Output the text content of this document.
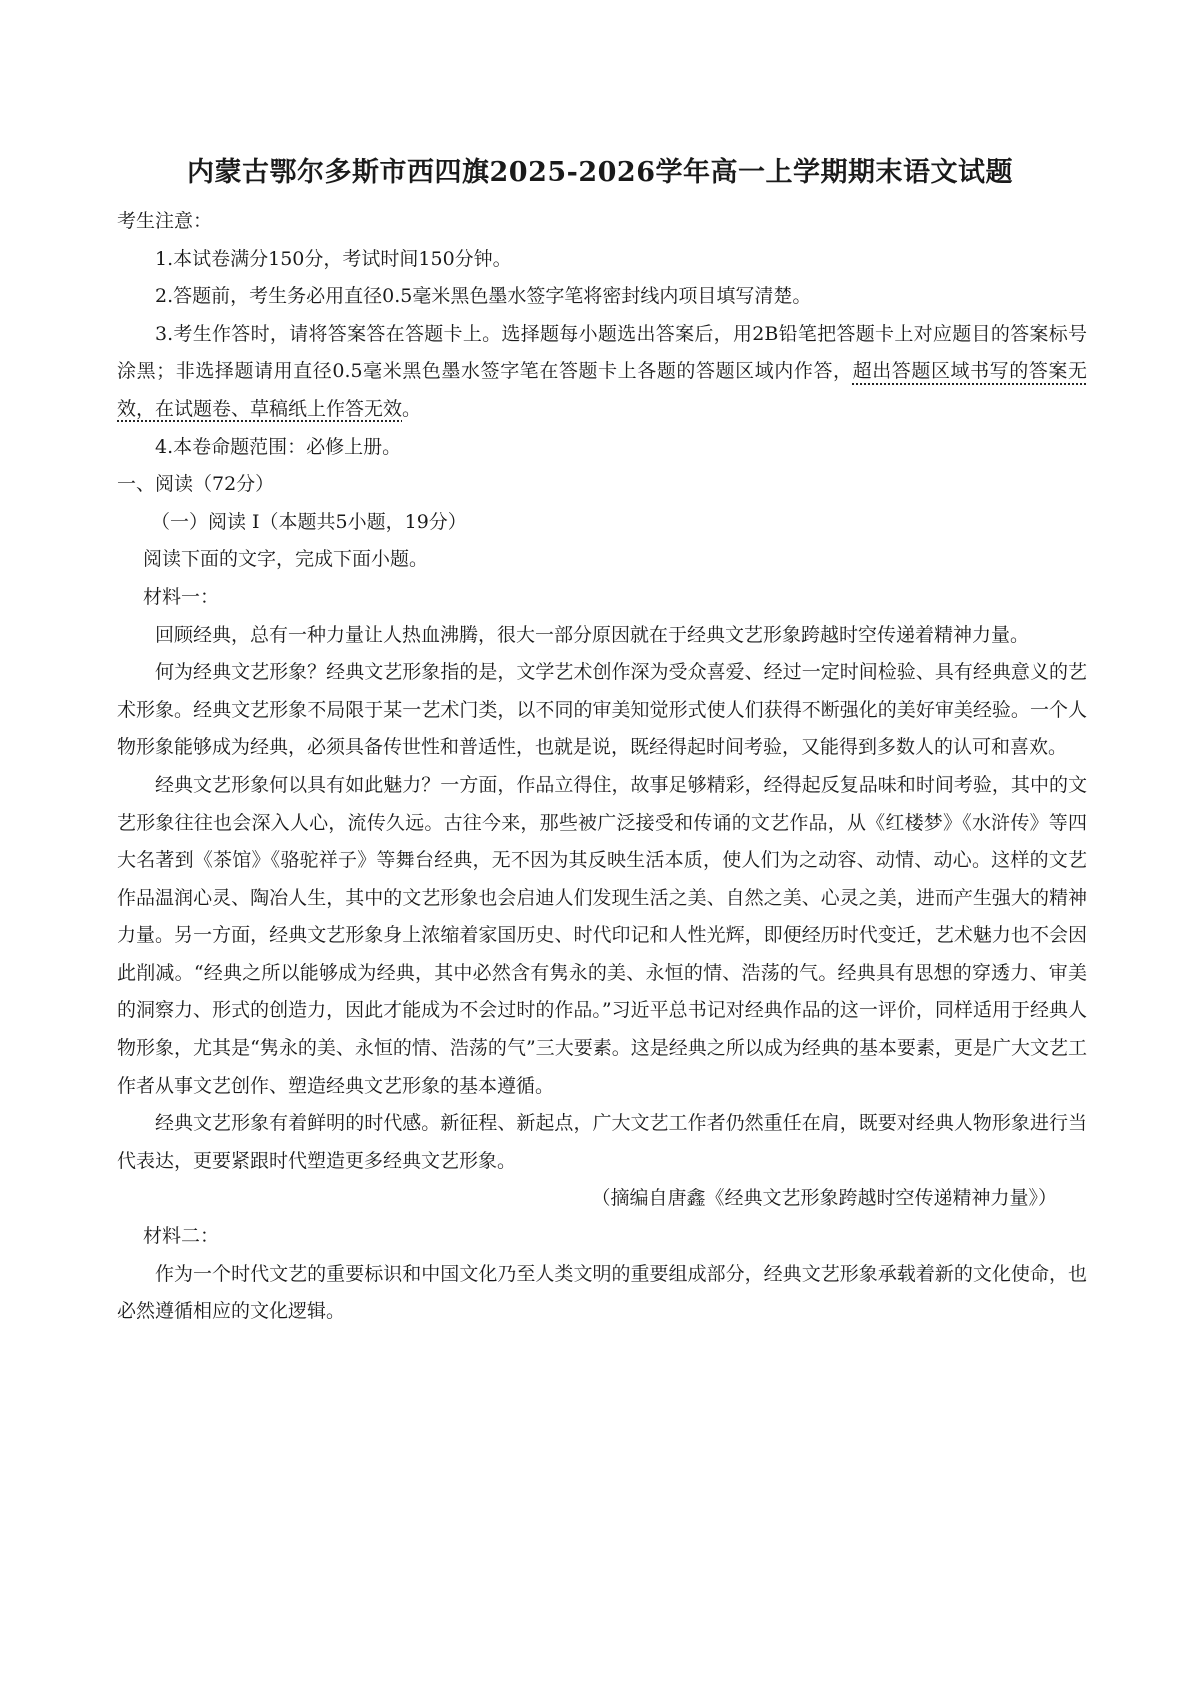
内蒙古鄂尔多斯市西四旗2025-2026学年高一上学期期末语文试题

考生注意：

1.本试卷满分150分，考试时间150分钟。

2.答题前，考生务必用直径0.5毫米黑色墨水签字笔将密封线内项目填写清楚。

3.考生作答时，请将答案答在答题卡上。选择题每小题选出答案后，用2B铅笔把答题卡上对应题目的答案标号涂黑；非选择题请用直径0.5毫米黑色墨水签字笔在答题卡上各题的答题区域内作答，超出答题区域书写的答案无效，在试题卷、草稿纸上作答无效。

4.本卷命题范围：必修上册。

一、阅读（72分）

（一）阅读 I（本题共5小题，19分）

阅读下面的文字，完成下面小题。

材料一：

回顾经典，总有一种力量让人热血沸腾，很大一部分原因就在于经典文艺形象跨越时空传递着精神力量。

何为经典文艺形象？经典文艺形象指的是，文学艺术创作深为受众喜爱、经过一定时间检验、具有经典意义的艺术形象。经典文艺形象不局限于某一艺术门类，以不同的审美知觉形式使人们获得不断强化的美好审美经验。一个人物形象能够成为经典，必须具备传世性和普适性，也就是说，既经得起时间考验，又能得到多数人的认可和喜欢。

经典文艺形象何以具有如此魅力？一方面，作品立得住，故事足够精彩，经得起反复品味和时间考验，其中的文艺形象往往也会深入人心，流传久远。古往今来，那些被广泛接受和传诵的文艺作品，从《红楼梦》《水浒传》等四大名著到《茶馆》《骆驼祥子》等舞台经典，无不因为其反映生活本质，使人们为之动容、动情、动心。这样的文艺作品温润心灵、陶冶人生，其中的文艺形象也会启迪人们发现生活之美、自然之美、心灵之美，进而产生强大的精神力量。另一方面，经典文艺形象身上浓缩着家国历史、时代印记和人性光辉，即便经历时代变迁，艺术魅力也不会因此削减。“经典之所以能够成为经典，其中必然含有隽永的美、永恒的情、浩荡的气。经典具有思想的穿透力、审美的洞察力、形式的创造力，因此才能成为不会过时的作品。”习近平总书记对经典作品的这一评价，同样适用于经典人物形象，尤其是“隽永的美、永恒的情、浩荡的气”三大要素。这是经典之所以成为经典的基本要素，更是广大文艺工作者从事文艺创作、塑造经典文艺形象的基本遵循。

经典文艺形象有着鲜明的时代感。新征程、新起点，广大文艺工作者仍然重任在肩，既要对经典人物形象进行当代表达，更要紧跟时代塑造更多经典文艺形象。

（摘编自唐鑫《经典文艺形象跨越时空传递精神力量》）

材料二：

作为一个时代文艺的重要标识和中国文化乃至人类文明的重要组成部分，经典文艺形象承载着新的文化使命，也必然遵循相应的文化逻辑。
